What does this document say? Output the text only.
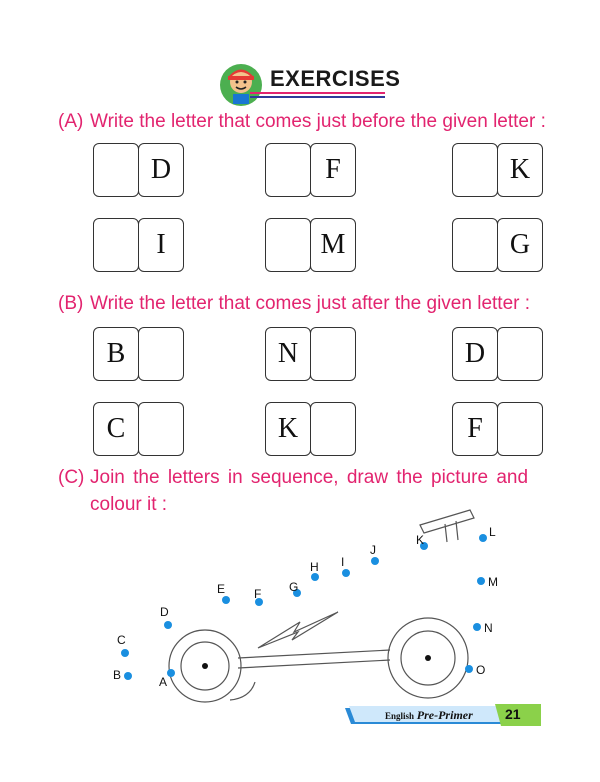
EXERCISES
(A) Write the letter that comes just before the given letter :
D	F	K
I	M	G
(B) Write the letter that comes just after the given letter :
B	N	D
C	K	F
(C) Join the letters in sequence, draw the picture and
colour it :
A
B
C
D
E F G
H I
J
K
L
M
N
O
English Pre-Primer 21
